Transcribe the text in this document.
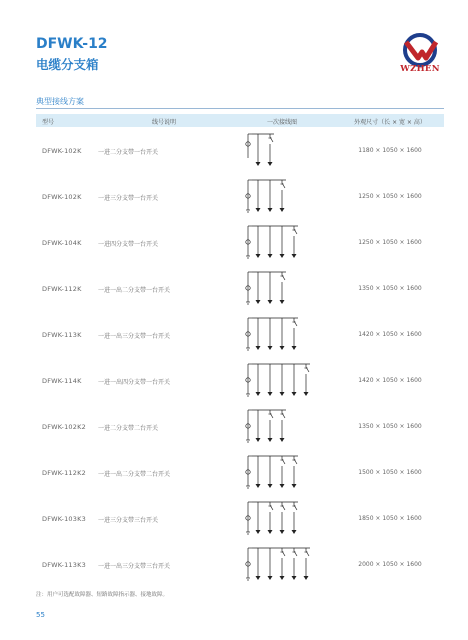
DFWK-12
电缆分支箱	WZHEN
典型接线方案
型号	线号说明	一次接线图	外观尺寸（长 × 宽 × 高）
DFWK-102K	一进二分支带一台开关	1180 × 1050 × 1600
DFWK-102K	一进三分支带一台开关	1250 × 1050 × 1600
DFWK-104K	一进四分支带一台开关	1250 × 1050 × 1600
DFWK-112K	一进一出二分支带一台开关	1350 × 1050 × 1600
DFWK-113K	一进一出三分支带一台开关	1420 × 1050 × 1600
DFWK-114K	一进一出四分支带一台开关	1420 × 1050 × 1600
DFWK-102K2 一进二分支带二台开关	1350 × 1050 × 1600
DFWK-112K2 一进一出二分支带二台开关	1500 × 1050 × 1600
DFWK-103K3 一进三分支带三台开关	1850 × 1050 × 1600
DFWK-113K3 一进一出三分支带三台开关	2000 × 1050 × 1600
注：用户可选配故障器、短路故障指示器、接地故障。
55
